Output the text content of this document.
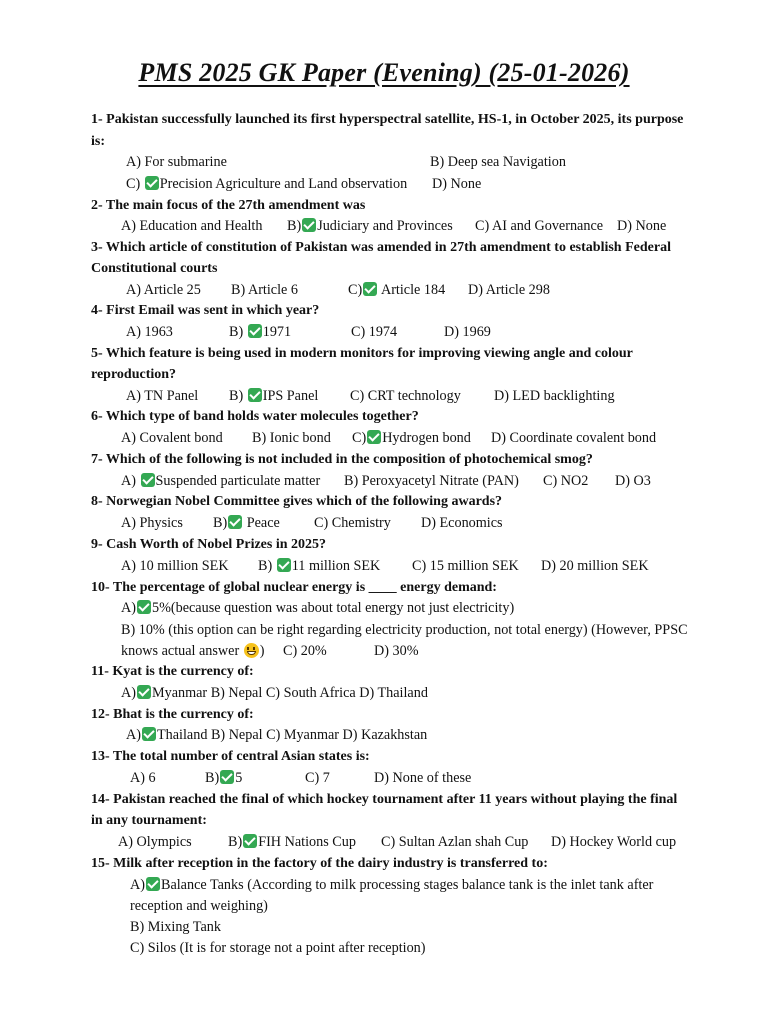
PMS 2025 GK Paper (Evening) (25-01-2026)
1- Pakistan successfully launched its first hyperspectral satellite, HS-1, in October 2025, its purpose
is:
A) For submarine	B) Deep sea Navigation
C) Precision Agriculture and Land observation D) None
2- The main focus of the 27th amendment was
A) Education and Health B) Judiciary and Provinces C) AI and Governance D) None
3- Which article of constitution of Pakistan was amended in 27th amendment to establish Federal
Constitutional courts
A) Article 25 B) Article 6	C) Article 184 D) Article 298
4- First Email was sent in which year?
A) 1963	B) 1971	C) 1974	D) 1969
5- Which feature is being used in modern monitors for improving viewing angle and colour
reproduction?
A) TN Panel B) IPS Panel C) CRT technology D) LED backlighting
6- Which type of band holds water molecules together?
A) Covalent bond B) Ionic bond C) Hydrogen bond D) Coordinate covalent bond
7- Which of the following is not included in the composition of photochemical smog?
A) Suspended particulate matter B) Peroxyacetyl Nitrate (PAN) C) NO2 D) O3
8- Norwegian Nobel Committee gives which of the following awards?
A) Physics B) Peace C) Chemistry D) Economics
9- Cash Worth of Nobel Prizes in 2025?
A) 10 million SEK B) 11 million SEK C) 15 million SEK D) 20 million SEK
10- The percentage of global nuclear energy is ____ energy demand:
A) 5%(because question was about total energy not just electricity)
B) 10% (this option can be right regarding electricity production, not total energy) (However, PPSC
knows actual answer ) C) 20%	D) 30%
11- Kyat is the currency of:
A) Myanmar B) Nepal C) South Africa D) Thailand
12- Bhat is the currency of:
A) Thailand B) Nepal C) Myanmar D) Kazakhstan
13- The total number of central Asian states is:
A) 6	B) 5	C) 7	D) None of these
14- Pakistan reached the final of which hockey tournament after 11 years without playing the final
in any tournament:
A) Olympics	B) FIH Nations Cup C) Sultan Azlan shah Cup D) Hockey World cup
15- Milk after reception in the factory of the dairy industry is transferred to:
A) Balance Tanks (According to milk processing stages balance tank is the inlet tank after
reception and weighing)
B) Mixing Tank
C) Silos (It is for storage not a point after reception)
